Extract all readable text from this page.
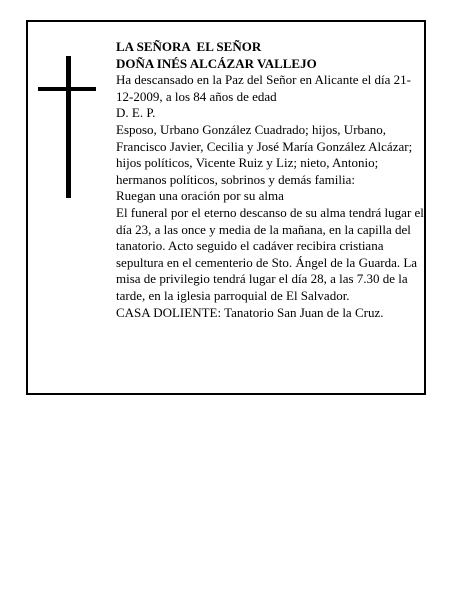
LA SEÑORA  EL SEÑOR

DOÑA INÉS ALCÁZAR VALLEJO

Ha descansado en la Paz del Señor en Alicante el día 21-12-2009, a los 84 años de edad

D. E. P.

Esposo, Urbano González Cuadrado; hijos, Urbano, Francisco Javier, Cecilia y José María González Alcázar; hijos políticos, Vicente Ruiz y Liz; nieto, Antonio; hermanos políticos, sobrinos y demás familia:

Ruegan una oración por su alma

El funeral por el eterno descanso de su alma tendrá lugar el día 23, a las once y media de la mañana, en la capilla del tanatorio. Acto seguido el cadáver recibira cristiana sepultura en el cementerio de Sto. Ángel de la Guarda. La misa de privilegio tendrá lugar el día 28, a las 7.30 de la tarde, en la iglesia parroquial de El Salvador.

CASA DOLIENTE: Tanatorio San Juan de la Cruz.
